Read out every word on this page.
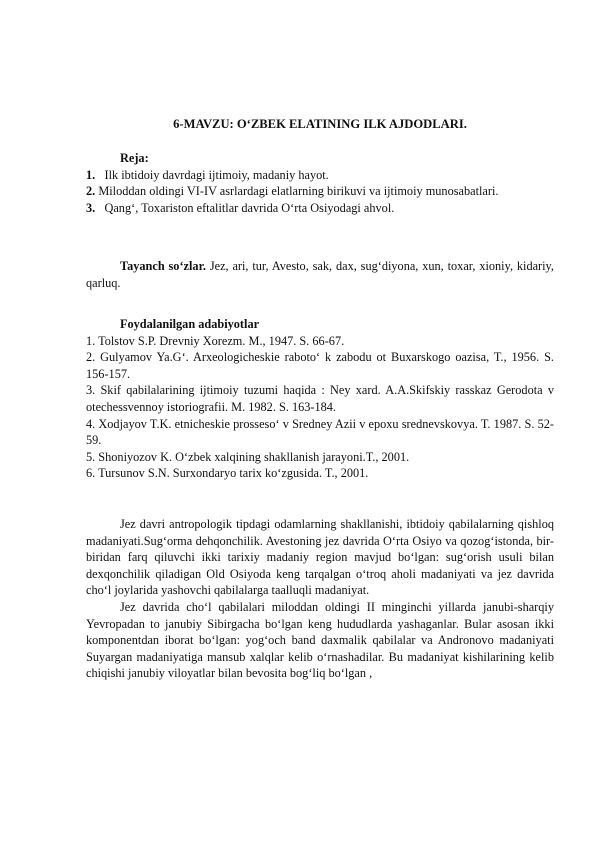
6-MAVZU: O‘ZBEK ELATINING ILK AJDODLARI.

Reja:

1. Ilk ibtidoiy davrdagi ijtimoiy, madaniy hayot.

2. Miloddan oldingi VI-IV asrlardagi elatlarning birikuvi va ijtimoiy munosabatlari.

3. Qang‘, Toxariston eftalitlar davrida O‘rta Osiyodagi ahvol.

Tayanch so‘zlar. Jez, ari, tur, Avesto, sak, dax, sug‘diyona, xun, toxar, xioniy, kidariy, qarluq.

Foydalanilgan adabiyotlar

1. Tolstov S.P. Drevniy Xorezm. M., 1947. S. 66-67.

2. Gulyamov Ya.G‘. Arxeologicheskie raboto‘ k zabodu ot Buxarskogo oazisa, T., 1956. S. 156-157.

3. Skif qabilalarining ijtimoiy tuzumi haqida : Ney xard. A.A.Skifskiy rasskaz Gerodota v otechessvennoy istoriografii. M. 1982. S. 163-184.

4. Xodjayov T.K. etnicheskie prosseso‘ v Sredney Azii v epoxu srednevskovya. T. 1987. S. 52-59.

5. Shoniyozov K. O‘zbek xalqining shakllanish jarayoni.T., 2001.

6. Tursunov S.N. Surxondaryo tarix ko‘zgusida. T., 2001.

Jez davri antropologik tipdagi odamlarning shakllanishi, ibtidoiy qabilalarning qishloq madaniyati.Sug‘orma dehqonchilik. Avestoning jez davrida O‘rta Osiyo va qozog‘istonda, bir-biridan farq qiluvchi ikki tarixiy madaniy region mavjud bo‘lgan: sug‘orish usuli bilan dexqonchilik qiladigan Old Osiyoda keng tarqalgan o‘troq aholi madaniyati va jez davrida cho‘l joylarida yashovchi qabilalarga taalluqli madaniyat.

Jez davrida cho‘l qabilalari miloddan oldingi II minginchi yillarda janubi-sharqiy Yevropadan to janubiy Sibirgacha bo‘lgan keng hududlarda yashaganlar. Bular asosan ikki komponentdan iborat bo‘lgan: yog‘och band daxmalik qabilalar va Andronovo madaniyati Suyargan madaniyatiga mansub xalqlar kelib o‘rnashadilar. Bu madaniyat kishilarining kelib chiqishi janubiy viloyatlar bilan bevosita bog‘liq bo‘lgan ,
